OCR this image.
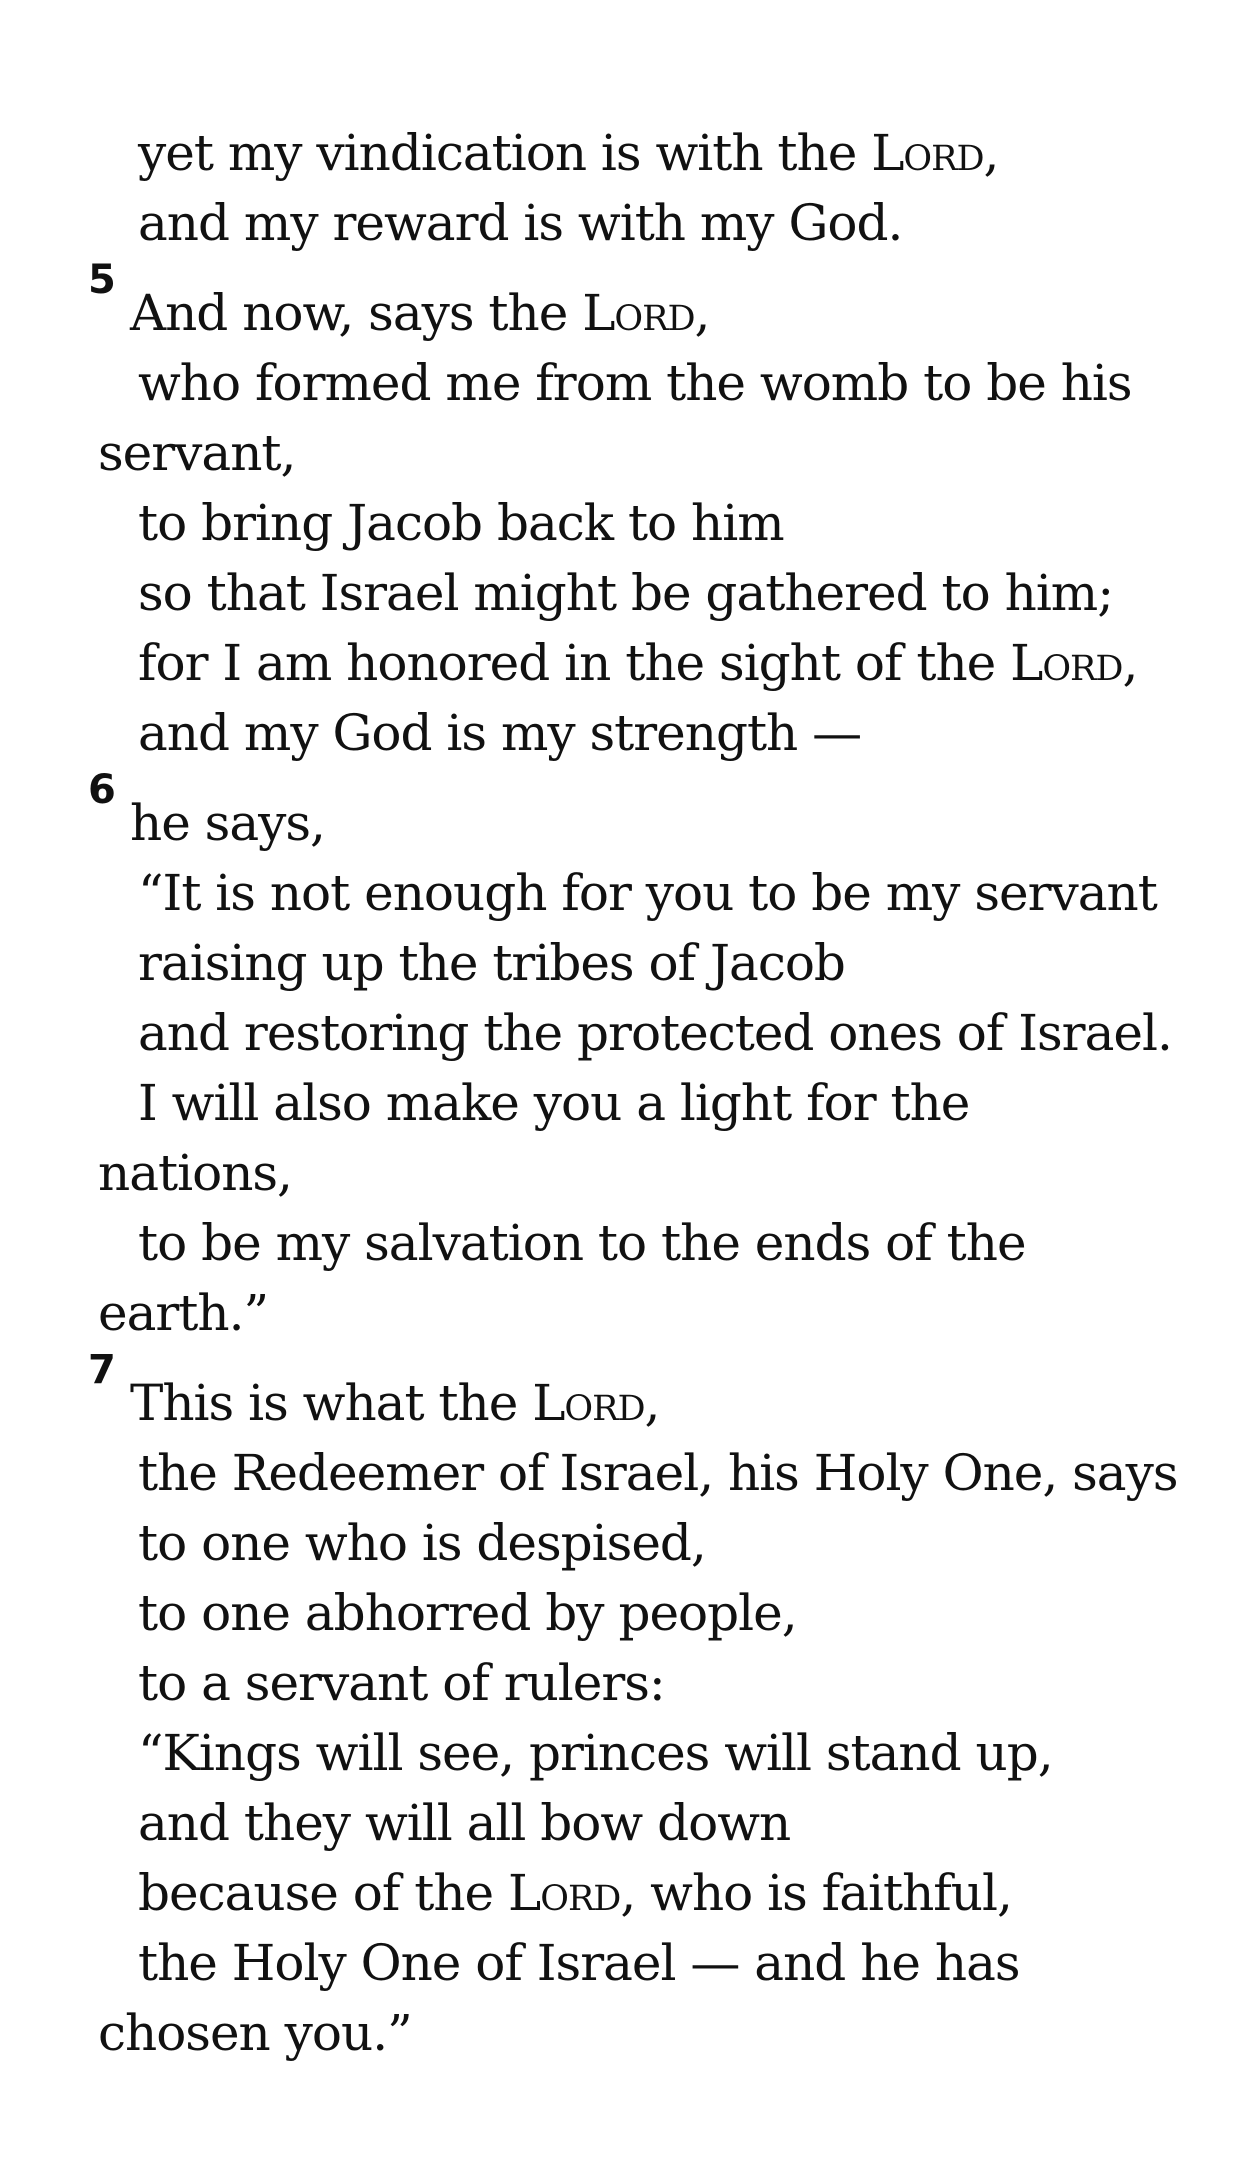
yet my vindication is with the Lord,
and my reward is with my God.
5
And now, says the Lord,
who formed me from the womb to be his
servant,
to bring Jacob back to him
so that Israel might be gathered to him;
for I am honored in the sight of the Lord,
and my God is my strength —
6
he says,
“It is not enough for you to be my servant
raising up the tribes of Jacob
and restoring the protected ones of Israel.
I will also make you a light for the
nations,
to be my salvation to the ends of the
earth.”
7
This is what the Lord,
the Redeemer of Israel, his Holy One, says
to one who is despised,
to one abhorred by people,
to a servant of rulers:
“Kings will see, princes will stand up,
and they will all bow down
because of the Lord, who is faithful,
the Holy One of Israel — and he has
chosen you.”
